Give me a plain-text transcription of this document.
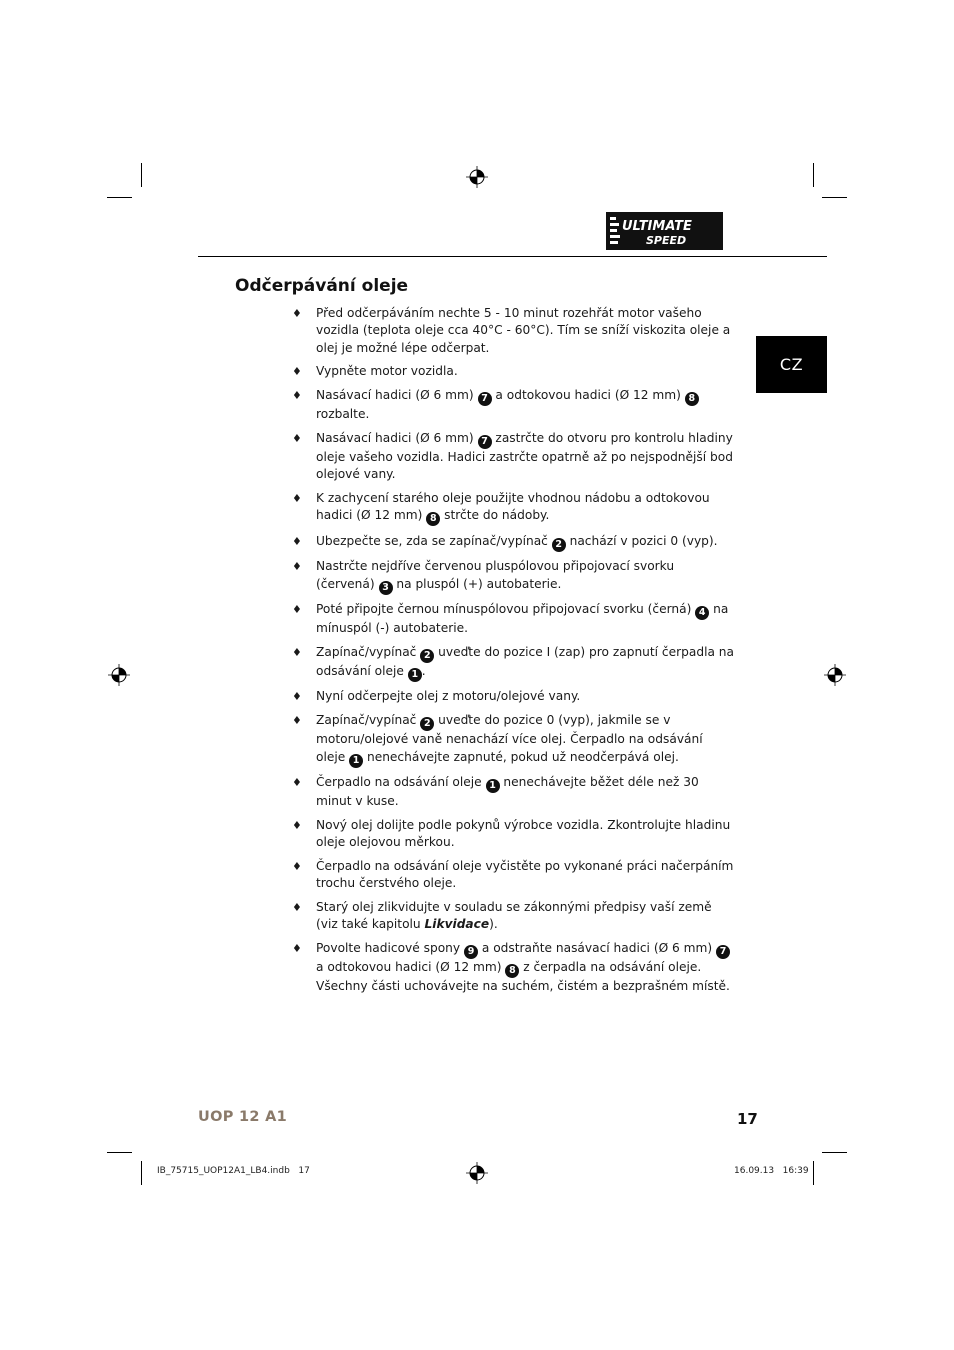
ULTIMATE
SPEED
Odčerpávání oleje
CZ
♦ Před odčerpáváním nechte 5 - 10 minut rozehřát motor vašeho vozidla (teplota oleje cca 40°C - 60°C). Tím se sníží viskozita oleje a olej je možné lépe odčerpat.
♦ Vypněte motor vozidla.
♦ Nasávací hadici (Ø 6 mm) 7 a odtokovou hadici (Ø 12 mm) 8 rozbalte.
♦ Nasávací hadici (Ø 6 mm) 7 zastrčte do otvoru pro kontrolu hladiny oleje vašeho vozidla. Hadici zastrčte opatrně až po nejspodnější bod olejové vany.
♦ K zachycení starého oleje použijte vhodnou nádobu a odtokovou hadici (Ø 12 mm) 8 strčte do nádoby.
♦ Ubezpečte se, zda se zapínač/vypínač 2 nachází v pozici 0 (vyp).
♦ Nastrčte nejdříve červenou pluspólovou připojovací svorku (červená) 3 na pluspól (+) autobaterie.
♦ Poté připojte černou mínuspólovou připojovací svorku (černá) 4 na mínuspól (-) autobaterie.
♦ Zapínač/vypínač 2 uveďte do pozice I (zap) pro zapnutí čerpadla na odsávání oleje 1 .
♦ Nyní odčerpejte olej z motoru/olejové vany.
♦ Zapínač/vypínač 2 uveďte do pozice 0 (vyp), jakmile se v motoru/olejové vaně nenachází více olej. Čerpadlo na odsávání oleje 1 nenechávejte zapnuté, pokud už neodčerpává olej.
♦ Čerpadlo na odsávání oleje 1 nenechávejte běžet déle než 30 minut v kuse.
♦ Nový olej dolijte podle pokynů výrobce vozidla. Zkontrolujte hladinu oleje olejovou měrkou.
♦ Čerpadlo na odsávání oleje vyčistěte po vykonané práci načerpáním trochu čerstvého oleje.
♦ Starý olej zlikvidujte v souladu se zákonnými předpisy vaší země (viz také kapitolu Likvidace).
♦ Povolte hadicové spony 9 a odstraňte nasávací hadici (Ø 6 mm) 7 a odtokovou hadici (Ø 12 mm) 8 z čerpadla na odsávání oleje. Všechny části uchovávejte na suchém, čistém a bezprašném místě.
UOP 12 A1	17
IB_75715_UOP12A1_LB4.indb   17	16.09.13   16:39
